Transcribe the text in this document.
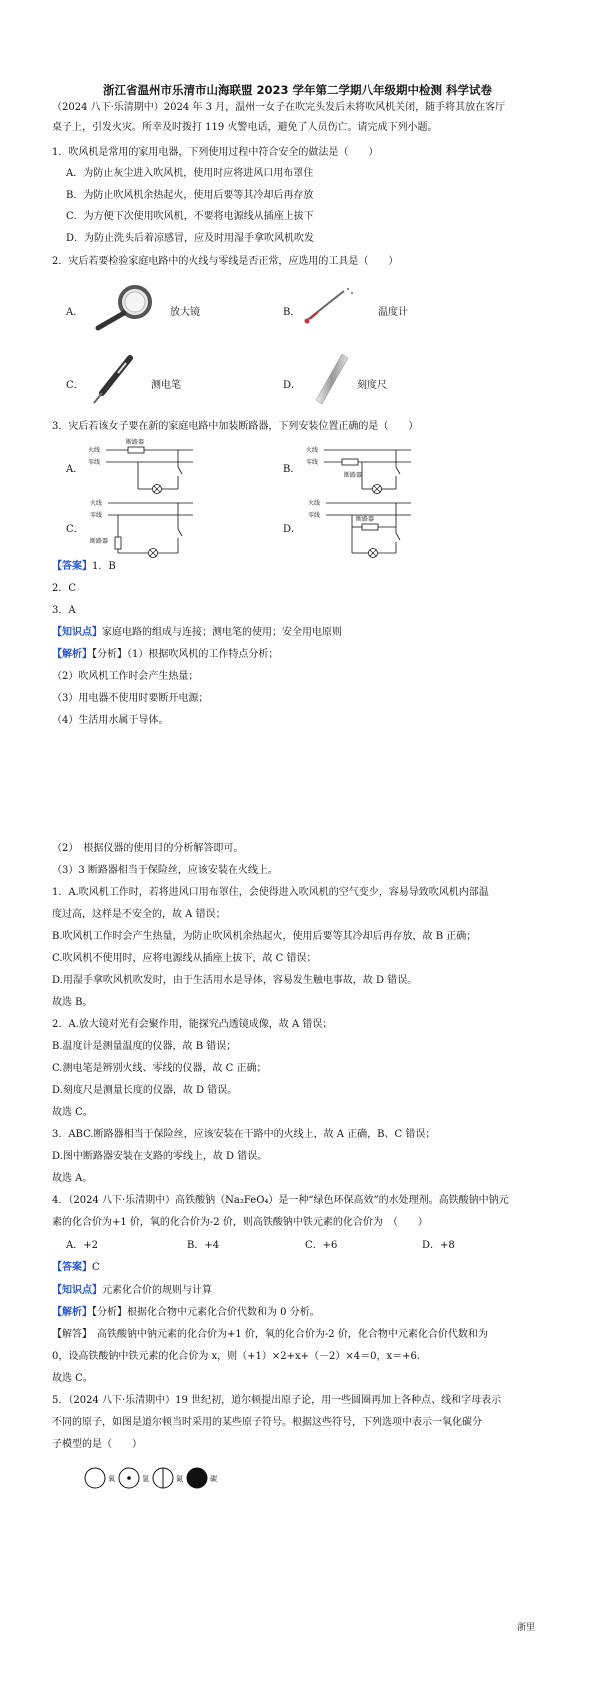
浙江省温州市乐清市山海联盟 2023 学年第二学期八年级期中检测 科学试卷
（2024 八下·乐清期中）2024 年 3 月，温州一女子在吹完头发后未将吹风机关闭，随手将其放在客厅
桌子上，引发火灾。所幸及时拨打 119 火警电话，避免了人员伤亡。请完成下列小题。
1．吹风机是常用的家用电器，下列使用过程中符合安全的做法是（　　）
A．为防止灰尘进入吹风机，使用时应将进风口用布罩住
B．为防止吹风机余热起火，使用后要等其冷却后再存放
C．为方便下次使用吹风机，不要将电源线从插座上拔下
D．为防止洗头后着凉感冒，应及时用湿手拿吹风机吹发
2．灾后若要检验家庭电路中的火线与零线是否正常，应选用的工具是（　　）
A．	放大镜	B．	温度计
C．	测电笔	D．	刻度尺
3．灾后若该女子要在新的家庭电路中加装断路器，下列安装位置正确的是（　　）
A．
火线
零线
断路器
B．
火线
零线
断路器
C．
火线
零线
断路器
D．
火线
零线
断路器
【答案】1．B
2．C
3．A
【知识点】家庭电路的组成与连接；测电笔的使用；安全用电原则
【解析】【分析】（1）根据吹风机的工作特点分析；
（2）吹风机工作时会产生热量；
（3）用电器不使用时要断开电源；
（4）生活用水属于导体。
（2）　根据仪器的使用目的分析解答即可。
（3）3 断路器相当于保险丝，应该安装在火线上。
1．A.吹风机工作时，若将进风口用布罩住，会使得进入吹风机的空气变少，容易导致吹风机内部温
度过高，这样是不安全的，故 A 错误；
B.吹风机工作时会产生热量，为防止吹风机余热起火，使用后要等其冷却后再存放，故 B 正确；
C.吹风机不使用时，应将电源线从插座上拔下，故 C 错误；
D.用湿手拿吹风机吹发时，由于生活用水是导体，容易发生触电事故，故 D 错误。
故选 B。
2．A.放大镜对光有会聚作用，能探究凸透镜成像，故 A 错误；
B.温度计是测量温度的仪器，故 B 错误；
C.测电笔是辨别火线、零线的仪器，故 C 正确；
D.刻度尺是测量长度的仪器，故 D 错误。
故选 C。
3．ABC.断路器相当于保险丝，应该安装在干路中的火线上，故 A 正确，B、C 错误；
D.图中断路器安装在支路的零线上，故 D 错误。
故选 A。
4．（2024 八下·乐清期中）高铁酸钠（Na₂FeO₄）是一种“绿色环保高效”的水处理剂。高铁酸钠中钠元
素的化合价为+1 价，氧的化合价为-2 价，则高铁酸钠中铁元素的化合价为　（　　）
A．+2	B．+4	C．+6	D．+8
【答案】C
【知识点】元素化合价的规则与计算
【解析】【分析】根据化合物中元素化合价代数和为 0 分析。
【解答】　 高铁酸钠中钠元素的化合价为+1 价，氧的化合价为-2 价，化合物中元素化合价代数和为
0，设高铁酸钠中铁元素的化合价为 x，则（+1）×2+x+（－2）×4＝0，x＝+6.
故选 C。
5．（2024 八下·乐清期中）19 世纪初，道尔顿提出原子论，用一些圆圈再加上各种点、线和字母表示
不同的原子，如图是道尔顿当时采用的某些原子符号。根据这些符号，下列选项中表示一氧化碳分
子模型的是（　　）
氧	氢	氮	碳
浙里
